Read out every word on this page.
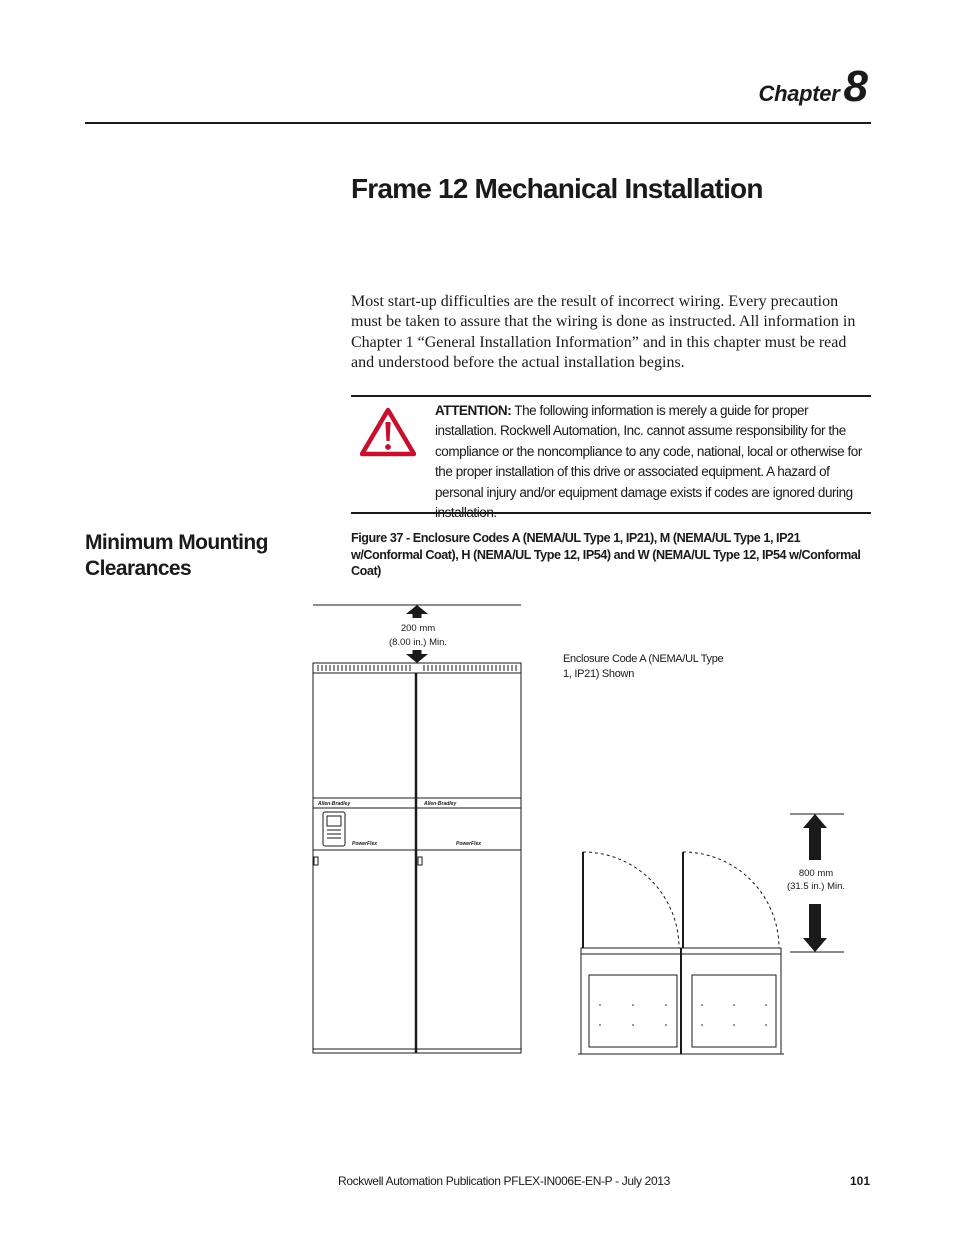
Chapter8
Frame 12 Mechanical Installation

Most start-up difficulties are the result of incorrect wiring. Every precaution must be taken to assure that the wiring is done as instructed. All information in Chapter 1 “General Installation Information” and in this chapter must be read and understood before the actual installation begins.

ATTENTION: The following information is merely a guide for proper installation. Rockwell Automation, Inc. cannot assume responsibility for the compliance or the noncompliance to any code, national, local or otherwise for the proper installation of this drive or associated equipment. A hazard of personal injury and/or equipment damage exists if codes are ignored during installation.
Minimum Mounting Clearances
Figure 37 - Enclosure Codes A (NEMA/UL Type 1, IP21), M (NEMA/UL Type 1, IP21 w/Conformal Coat), H (NEMA/UL Type 12, IP54) and W (NEMA/UL Type 12, IP54 w/Conformal Coat)
200 mm
(8.00 in.) Min.
Allen-Bradley	Allen-Bradley
PowerFlex	PowerFlex
Enclosure Code A (NEMA/UL Type
1, IP21) Shown
800 mm
(31.5 in.) Min.
Rockwell Automation Publication PFLEX-IN006E-EN-P - July 2013	101
